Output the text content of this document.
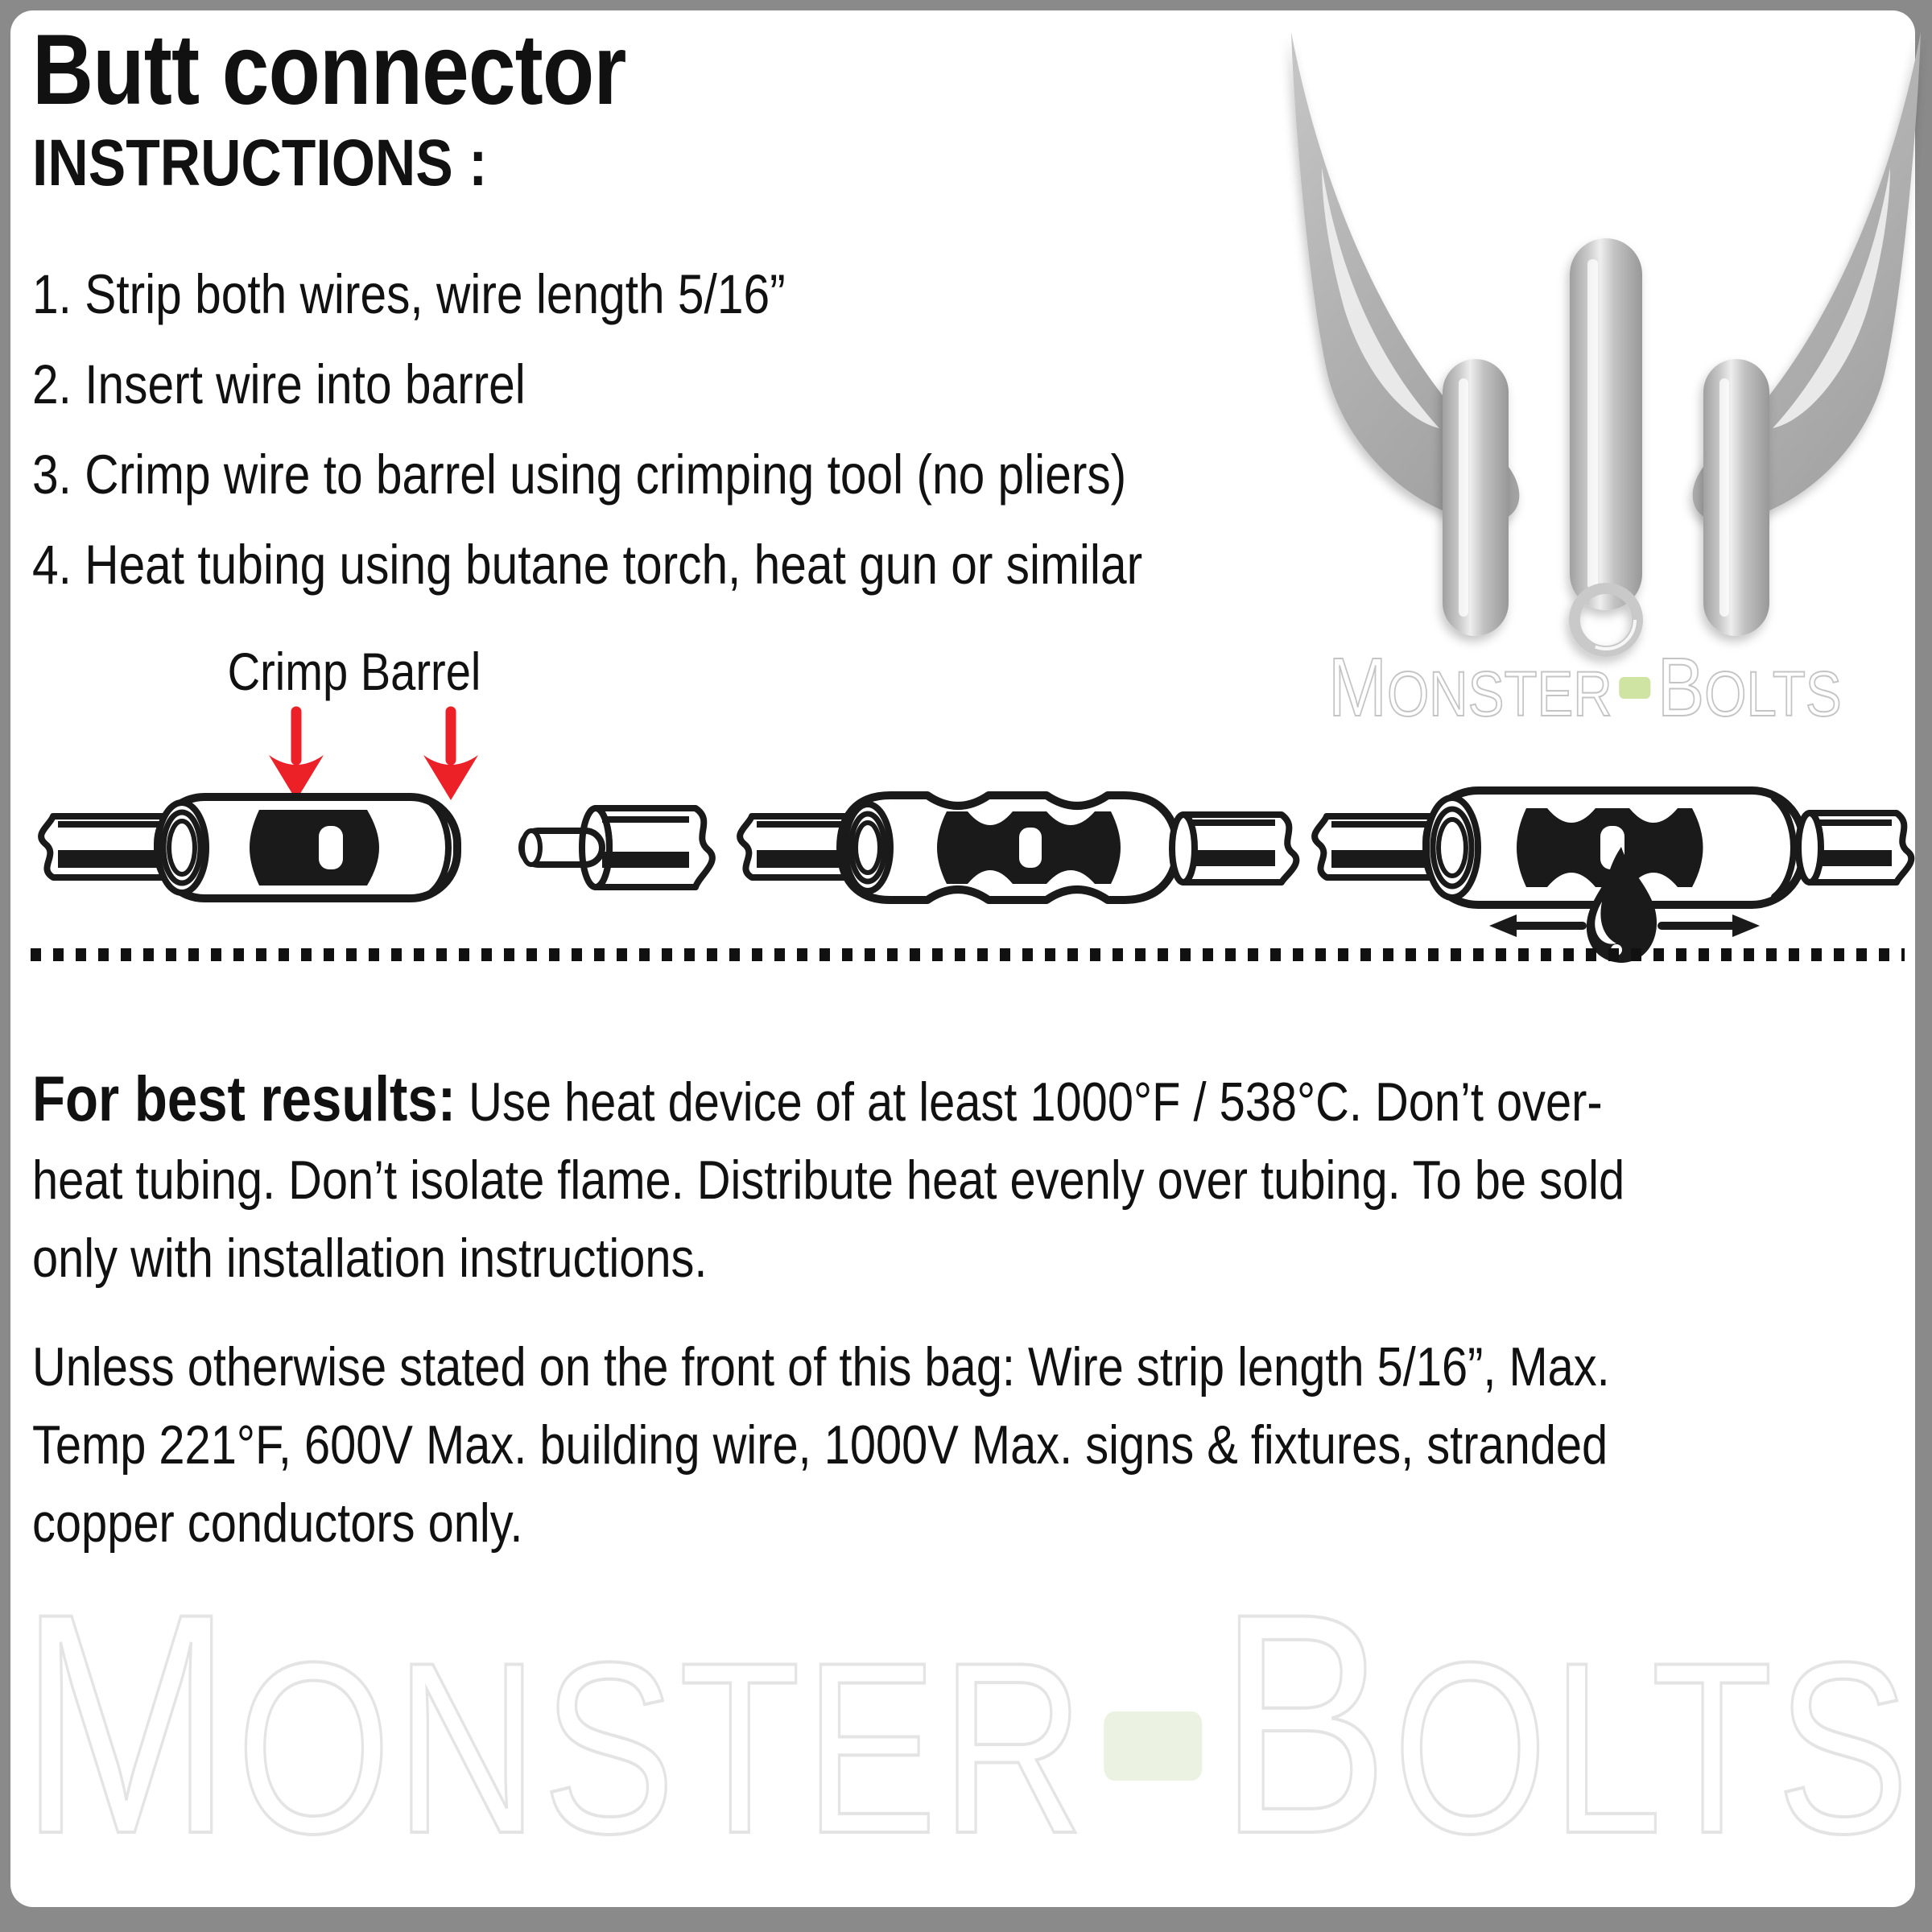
MONSTER BOLTS
Butt connector
INSTRUCTIONS :
1. Strip both wires, wire length 5/16”
2. Insert wire into barrel
3. Crimp wire to barrel using crimping tool (no pliers)
4. Heat tubing using butane torch, heat gun or similar
Crimp Barrel	MONSTER BOLTS
For best results: Use heat device of at least 1000°F / 538°C. Don’t over-
heat tubing. Don’t isolate flame. Distribute heat evenly over tubing. To be sold
only with installation instructions.
Unless otherwise stated on the front of this bag: Wire strip length 5/16”, Max.
Temp 221°F, 600V Max. building wire, 1000V Max. signs & fixtures, stranded
copper conductors only.
